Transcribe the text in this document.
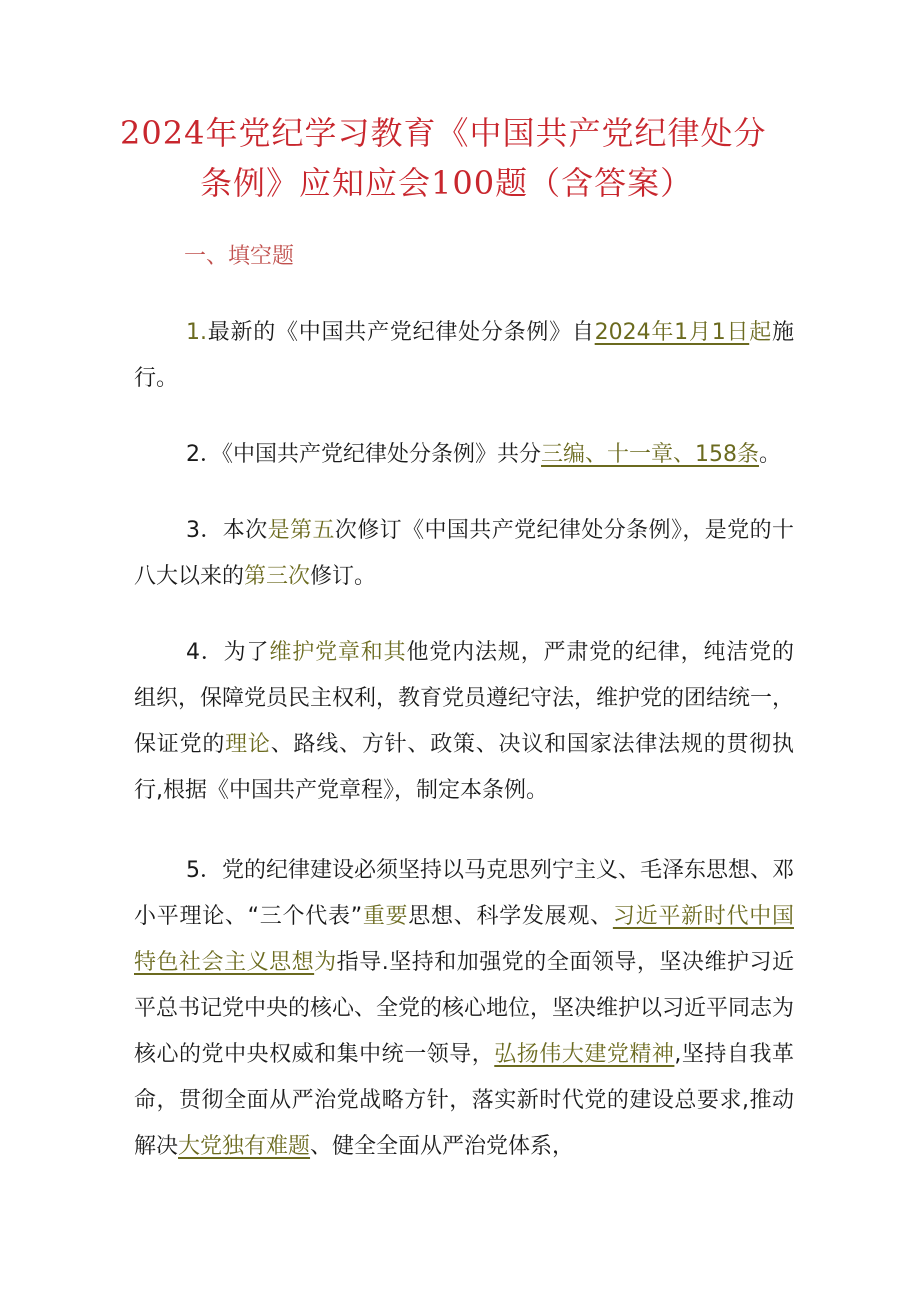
2024年党纪学习教育《中国共产党纪律处分
条例》应知应会100题（含答案）
一、填空题

1.最新的《中国共产党纪律处分条例》自2024年1月1日起施行。

2．《中国共产党纪律处分条例》共分三编、十一章、158条。

3．本次是第五次修订《中国共产党纪律处分条例》，是党的十八大以来的第三次修订。

4．为了维护党章和其他党内法规，严肃党的纪律，纯洁党的组织，保障党员民主权利，教育党员遵纪守法，维护党的团结统一，保证党的理论、路线、方针、政策、决议和国家法律法规的贯彻执行,根据《中国共产党章程》，制定本条例。

5．党的纪律建设必须坚持以马克思列宁主义、毛泽东思想、邓小平理论、“三个代表”重要思想、科学发展观、习近平新时代中国特色社会主义思想为指导.坚持和加强党的全面领导，坚决维护习近平总书记党中央的核心、全党的核心地位，坚决维护以习近平同志为核心的党中央权威和集中统一领导，弘扬伟大建党精神,坚持自我革命，贯彻全面从严治党战略方针，落实新时代党的建设总要求,推动解决大党独有难题、健全全面从严治党体系，
